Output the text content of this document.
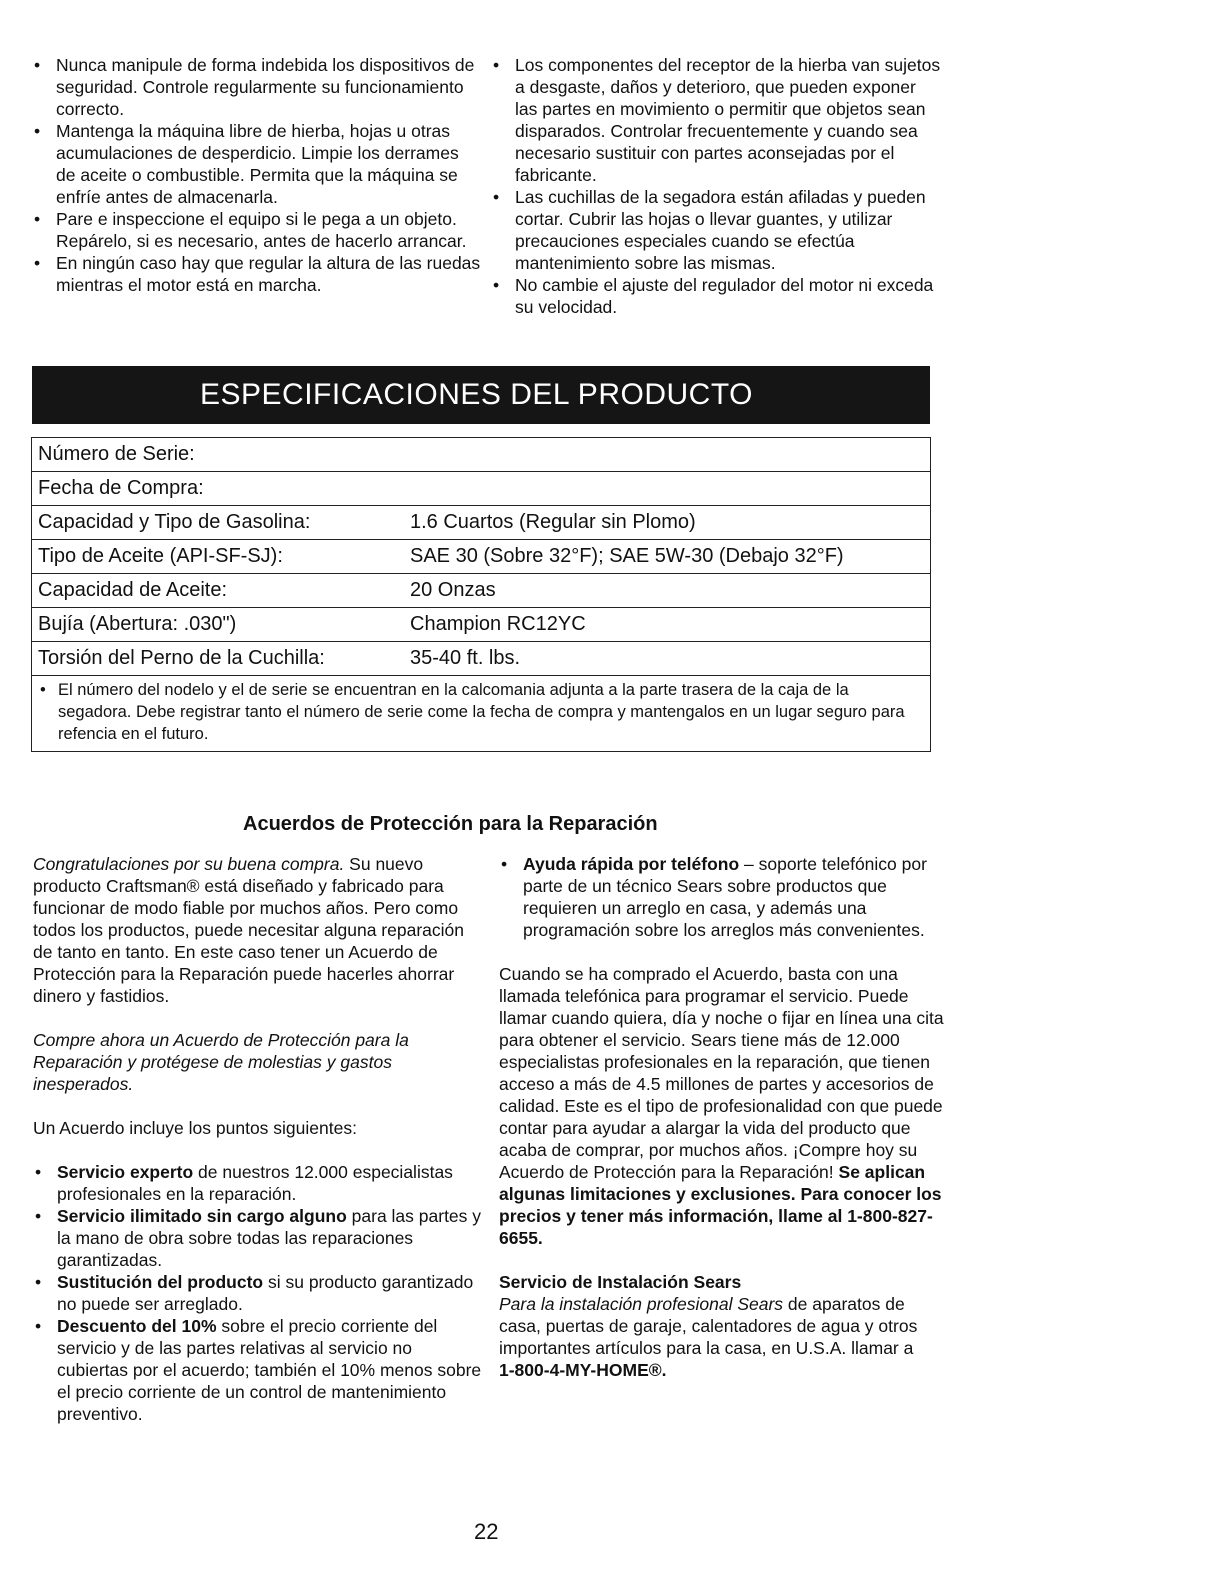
• Nunca manipule de forma indebida los dispositivos de seguridad. Controle regularmente su funcionamiento correcto.
• Mantenga la máquina libre de hierba, hojas u otras acumulaciones de desperdicio. Limpie los derrames de aceite o combustible. Permita que la máquina se enfríe antes de almacenarla.
• Pare e inspeccione el equipo si le pega a un objeto. Repárelo, si es necesario, antes de hacerlo arrancar.
• En ningún caso hay que regular la altura de las ruedas mientras el motor está en marcha.
• Los componentes del receptor de la hierba van sujetos a desgaste, daños y deterioro, que pueden exponer las partes en movimiento o permitir que objetos sean disparados. Controlar frecuentemente y cuando sea necesario sustituir con partes aconsejadas por el fabricante.
• Las cuchillas de la segadora están afiladas y pueden cortar. Cubrir las hojas o llevar guantes, y utilizar precauciones especiales cuando se efectúa mantenimiento sobre las mismas.
• No cambie el ajuste del regulador del motor ni exceda su velocidad.
ESPECIFICACIONES DEL PRODUCTO
Número de Serie:
Fecha de Compra:
Capacidad y Tipo de Gasolina:	1.6 Cuartos (Regular sin Plomo)
Tipo de Aceite (API-SF-SJ):	SAE 30 (Sobre 32°F); SAE 5W-30 (Debajo 32°F)
Capacidad de Aceite:	20 Onzas
Bujía (Abertura: .030")	Champion RC12YC
Torsión del Perno de la Cuchilla:	35-40 ft. lbs.
• El número del nodelo y el de serie se encuentran en la calcomania adjunta a la parte trasera de la caja de la segadora. Debe registrar tanto el número de serie come la fecha de compra y mantengalos en un lugar seguro para refencia en el futuro.
Acuerdos de Protección para la Reparación
Congratulaciones por su buena compra. Su nuevo producto Craftsman® está diseñado y fabricado para funcionar de modo fiable por muchos años. Pero como todos los productos, puede necesitar alguna reparación de tanto en tanto. En este caso tener un Acuerdo de Protección para la Reparación puede hacerles ahorrar dinero y fastidios.
Compre ahora un Acuerdo de Protección para la Reparación y protégese de molestias y gastos inesperados.
Un Acuerdo incluye los puntos siguientes:
• Servicio experto de nuestros 12.000 especialistas profesionales en la reparación.
• Servicio ilimitado sin cargo alguno para las partes y la mano de obra sobre todas las reparaciones garantizadas.
• Sustitución del producto si su producto garantizado no puede ser arreglado.
• Descuento del 10% sobre el precio corriente del servicio y de las partes relativas al servicio no cubiertas por el acuerdo; también el 10% menos sobre el precio corriente de un control de mantenimiento preventivo.
• Ayuda rápida por teléfono – soporte telefónico por parte de un técnico Sears sobre productos que requieren un arreglo en casa, y además una programación sobre los arreglos más convenientes.
Cuando se ha comprado el Acuerdo, basta con una llamada telefónica para programar el servicio. Puede llamar cuando quiera, día y noche o fijar en línea una cita para obtener el servicio. Sears tiene más de 12.000 especialistas profesionales en la reparación, que tienen acceso a más de 4.5 millones de partes y accesorios de calidad. Este es el tipo de profesionalidad con que puede contar para ayudar a alargar la vida del producto que acaba de comprar, por muchos años. ¡Compre hoy su Acuerdo de Protección para la Reparación! Se aplican algunas limitaciones y exclusiones. Para conocer los precios y tener más información, llame al 1-800-827-6655.
Servicio de Instalación Sears
Para la instalación profesional Sears de aparatos de casa, puertas de garaje, calentadores de agua y otros importantes artículos para la casa, en U.S.A. llamar a
1-800-4-MY-HOME®.
22
